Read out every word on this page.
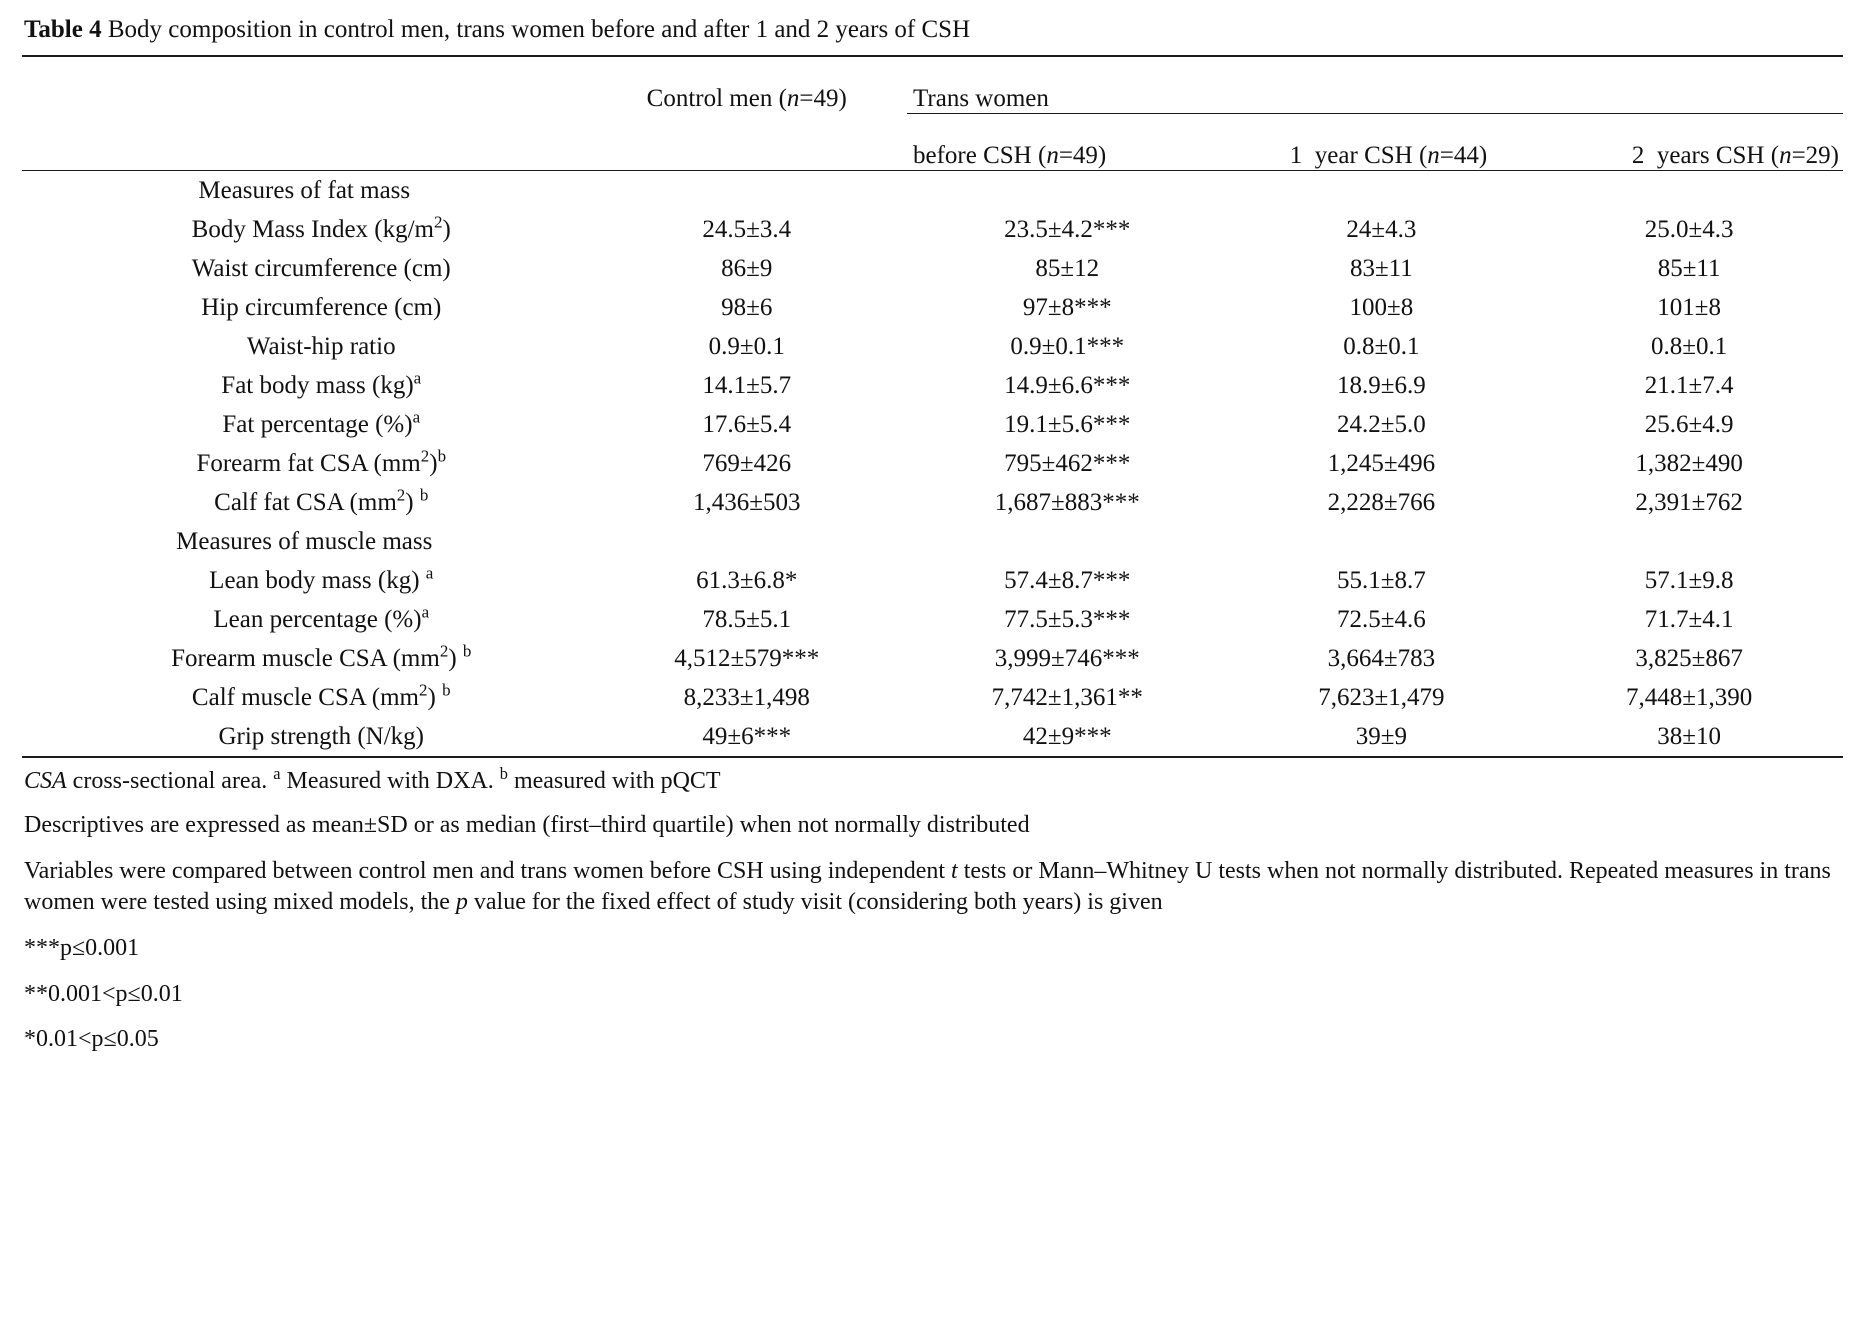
Table 4 Body composition in control men, trans women before and after 1 and 2 years of CSH
	Control men (n=49)	Trans women		

		before CSH (n=49)	1  year CSH (n=44)	2  years CSH (n=29)

Measures of fat mass				
Body Mass Index $(kg/m^2)$	24.5±3.4	23.5±4.2***	24±4.3	25.0±4.3
Waist circumference (cm)	86±9	85±12	83±11	85±11
Hip circumference (cm)	98±6	97±8***	100±8	101±8
Waist-hip ratio	0.9±0.1	0.9±0.1***	0.8±0.1	0.8±0.1
Fat body mass (kg)$^a$	14.1±5.7	14.9±6.6***	18.9±6.9	21.1±7.4
Fat percentage (%)$^a$	17.6±5.4	19.1±5.6***	24.2±5.0	25.6±4.9
Forearm fat CSA $(mm^2)^b$	769±426	795±462***	1,245±496	1,382±490
Calf fat CSA $(mm^2)$ $^b$	1,436±503	1,687±883***	2,228±766	2,391±762
Measures of muscle mass				
Lean body mass (kg) $^a$	61.3±6.8*	57.4±8.7***	55.1±8.7	57.1±9.8
Lean percentage (%)$^a$	78.5±5.1	77.5±5.3***	72.5±4.6	71.7±4.1
Forearm muscle CSA $(mm^2)$ $^b$	4,512±579***	3,999±746***	3,664±783	3,825±867
Calf muscle CSA $(mm^2)$ $^b$	8,233±1,498	7,742±1,361**	7,623±1,479	7,448±1,390
Grip strength (N/kg)	49±6***	42±9***	39±9	38±10

CSA cross-sectional area. $^a$ Measured with DXA. $^b$ measured with pQCT

Descriptives are expressed as mean±SD or as median (first–third quartile) when not normally distributed

Variables were compared between control men and trans women before CSH using independent t tests or Mann–Whitney U tests when not normally distributed. Repeated measures in trans women were tested using mixed models, the p value for the fixed effect of study visit (considering both years) is given

***p≤0.001

**0.001<p≤0.01

*0.01<p≤0.05
